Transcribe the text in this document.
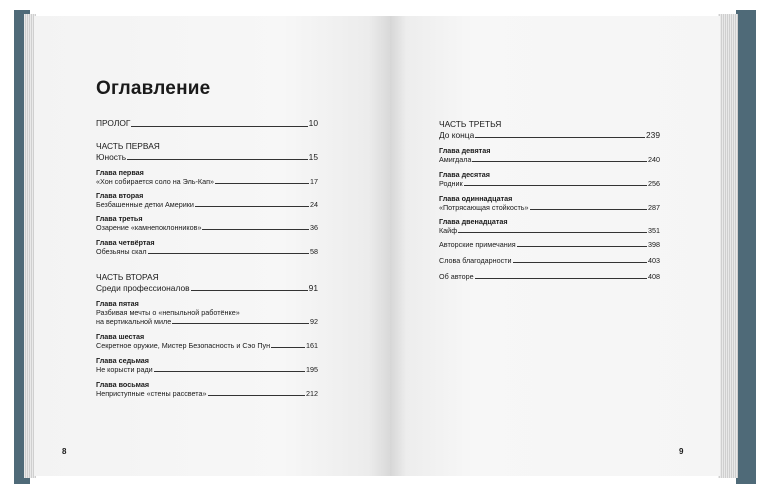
Оглавление
ПРОЛОГ	10
ЧАСТЬ ПЕРВАЯ
Юность	15
Глава первая
«Хон собирается соло на Эль-Кап»	17
Глава вторая
Безбашенные детки Америки	24
Глава третья
Озарение «камнепоклонников»	36
Глава четвёртая
Обезьяны скал	58
ЧАСТЬ ВТОРАЯ
Среди профессионалов	91
Глава пятая
Разбивая мечты о «непыльной работёнке»
на вертикальной миле	92
Глава шестая
Секретное оружие, Мистер Безопасность и Сэо Пун	161
Глава седьмая
Не корысти ради	195
Глава восьмая
Неприступные «стены рассвета»	212
8
ЧАСТЬ ТРЕТЬЯ
До конца	239
Глава девятая
Амигдала	240
Глава десятая
Родник	256
Глава одиннадцатая
«Потрясающая стойкость»	287
Глава двенадцатая
Кайф	351
Авторские примечания	398
Слова благодарности	403
Об авторе	408
9
